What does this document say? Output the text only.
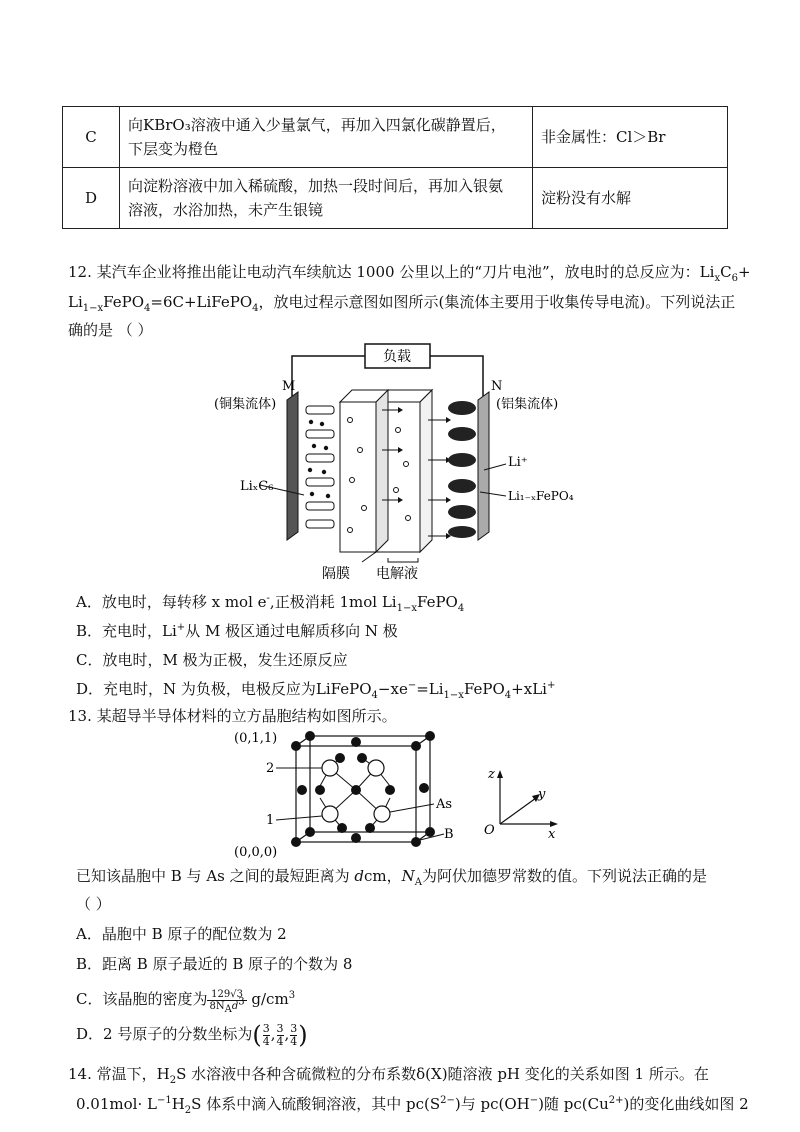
C	向KBrO₃溶液中通入少量氯气，再加入四氯化碳静置后，
下层变为橙色	非金属性：Cl＞Br
D	向淀粉溶液中加入稀硫酸，加热一段时间后，再加入银氨
溶液，水浴加热，未产生银镜	淀粉没有水解
12. 某汽车企业将推出能让电动汽车续航达 1000 公里以上的“刀片电池”，放电时的总反应为：$Li_xC_6+$
$Li_{1-x}FePO_4=6C+LiFePO_4$，放电过程示意图如图所示(集流体主要用于收集传导电流)。下列说法正
确的是 （ ）
负载
M	N
(铜集流体)	(铝集流体)
LiₓC₆
Li⁺
Li₁₋ₓFePO₄
隔膜 电解液
A．放电时，每转移 x mol e-,正极消耗 1mol $Li_{1-x}FePO_4$
B．充电时，Li+从 M 极区通过电解质移向 N 极
C．放电时，M 极为正极，发生还原反应
D．充电时，N 为负极，电极反应为$LiFePO_4-xe^-=Li_{1-x}FePO_4+xLi^+$
13. 某超导半导体材料的立方晶胞结构如图所示。
(0,1,1)
(0,0,0)
2
1
As
B
z
y
x
O
已知该晶胞中 B 与 As 之间的最短距离为 dcm，$N_A$为阿伏加德罗常数的值。下列说法正确的是
（ ）
A．晶胞中 B 原子的配位数为 2
B．距离 B 原子最近的 B 原子的个数为 8
C．该晶胞的密度为 $\frac{129√3}{8N_Ad^3} g/cm^3$
D．2 号原子的分数坐标为( $\frac{3}{4}$ , $\frac{3}{4}$ , $\frac{3}{4}$ )
14. 常温下，$H_2S$ 水溶液中各种含硫微粒的分布系数δ(X)随溶液 pH 变化的关系如图 1 所示。在
$0.01mol\cdot L^{-1}H_2S$ 体系中滴入硫酸铜溶液，其中 $pc(S^{2-})$与 pc(OH−)随 $pc(Cu^{2+})$的变化曲线如图 2
